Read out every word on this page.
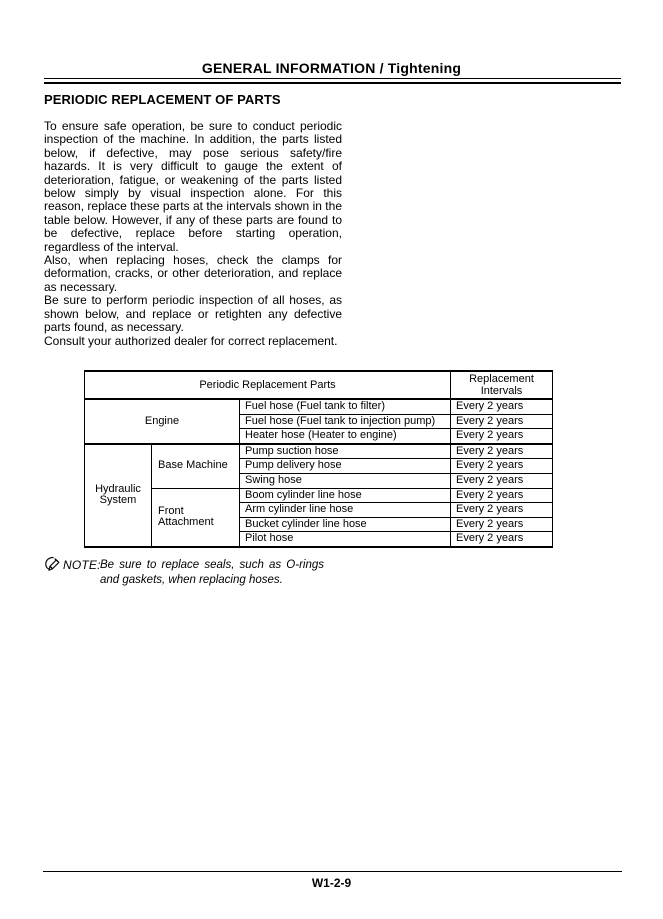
GENERAL INFORMATION / Tightening
PERIODIC REPLACEMENT OF PARTS

To ensure safe operation, be sure to conduct periodic inspection of the machine. In addition, the parts listed below, if defective, may pose serious safety/fire hazards. It is very difficult to gauge the extent of deterioration, fatigue, or weakening of the parts listed below simply by visual inspection alone. For this reason, replace these parts at the intervals shown in the table below. However, if any of these parts are found to be defective, replace before starting operation, regardless of the interval.

Also, when replacing hoses, check the clamps for deformation, cracks, or other deterioration, and replace as necessary.

Be sure to perform periodic inspection of all hoses, as shown below, and replace or retighten any defective parts found, as necessary.

Consult your authorized dealer for correct replacement.

Periodic Replacement Parts			Replacement Intervals
Engine		Fuel hose (Fuel tank to filter)	Every 2 years
		Fuel hose (Fuel tank to injection pump)	Every 2 years
		Heater hose (Heater to engine)	Every 2 years
Hydraulic System	Base Machine	Pump suction hose	Every 2 years
		Pump delivery hose	Every 2 years
		Swing hose	Every 2 years
	Front Attachment	Boom cylinder line hose	Every 2 years
		Arm cylinder line hose	Every 2 years
		Bucket cylinder line hose	Every 2 years
		Pilot hose	Every 2 years
NOTE: Be sure to replace seals, such as O-rings and gaskets, when replacing hoses.
W1-2-9
